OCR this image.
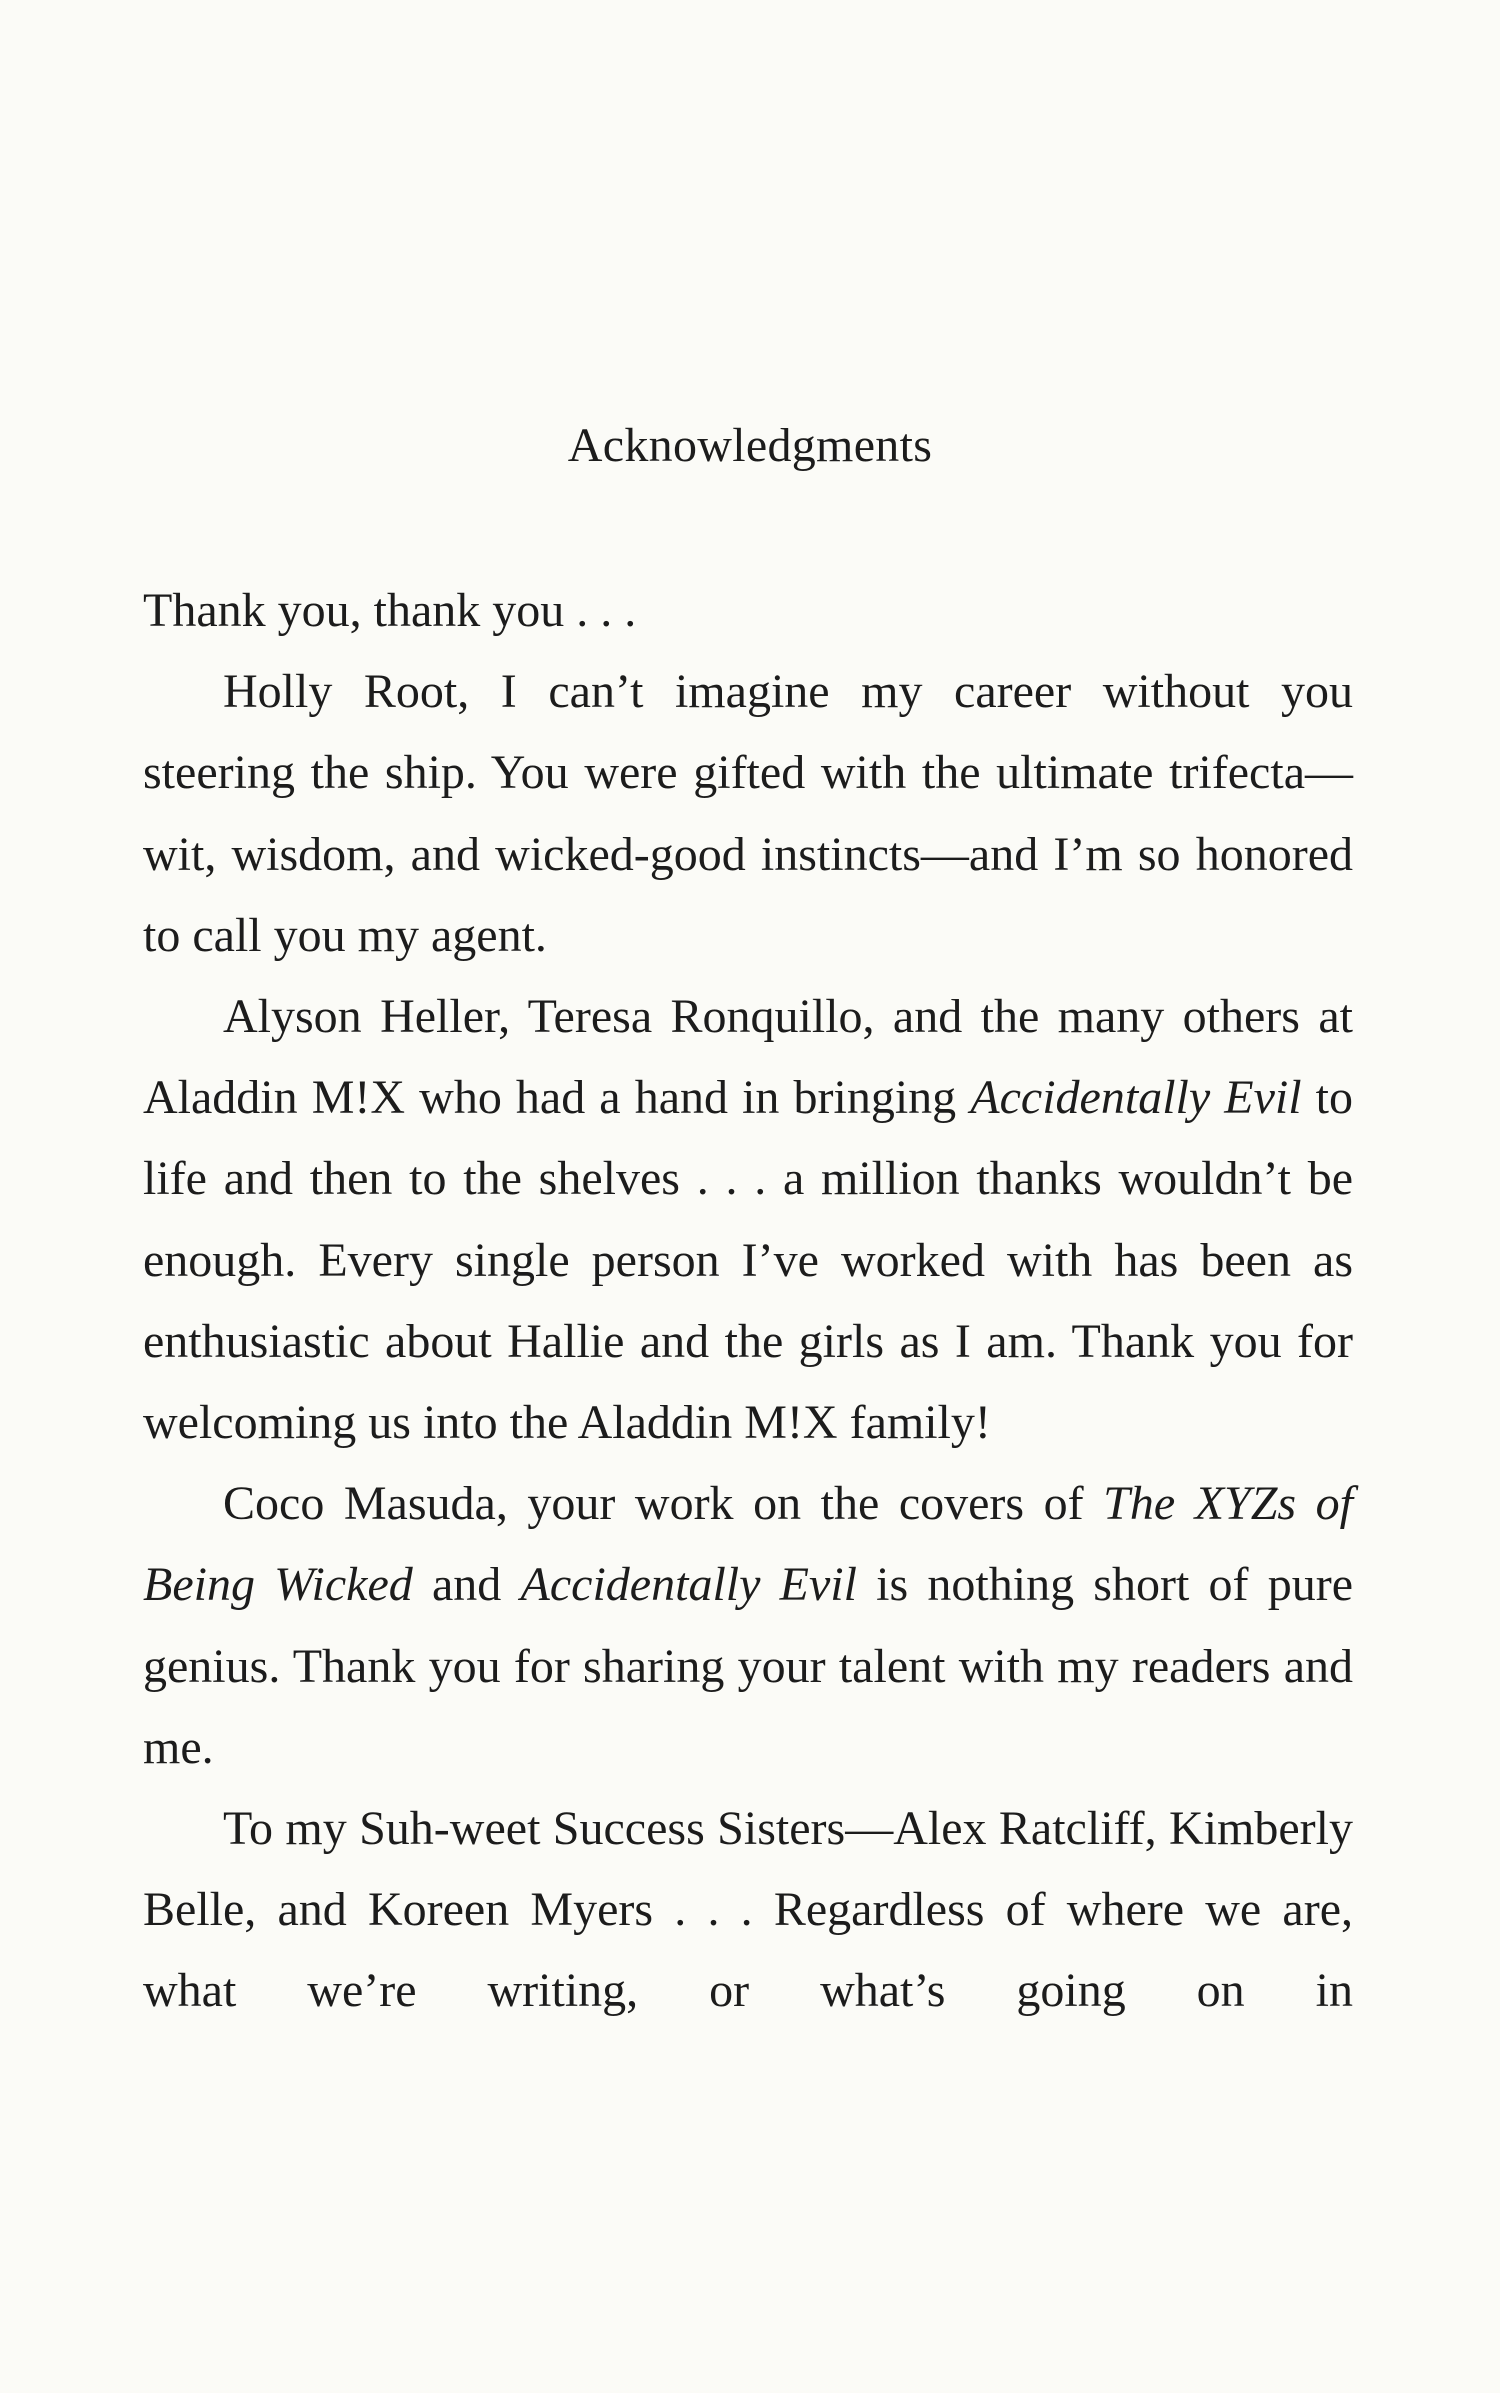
Acknowledgments

Thank you, thank you . . .

Holly Root, I can’t imagine my career without you steering the ship. You were gifted with the ultimate trifecta—wit, wisdom, and wicked-good instincts—and I’m so honored to call you my agent.

Alyson Heller, Teresa Ronquillo, and the many others at Aladdin M!X who had a hand in bringing Accidentally Evil to life and then to the shelves . . . a million thanks wouldn’t be enough. Every single person I’ve worked with has been as enthusiastic about Hallie and the girls as I am. Thank you for welcoming us into the Aladdin M!X family!

Coco Masuda, your work on the covers of The XYZs of Being Wicked and Accidentally Evil is nothing short of pure genius. Thank you for sharing your talent with my readers and me.

To my Suh-weet Success Sisters—Alex Ratcliff, Kimberly Belle, and Koreen Myers . . . Regardless of where we are, what we’re writing, or what’s going on in
